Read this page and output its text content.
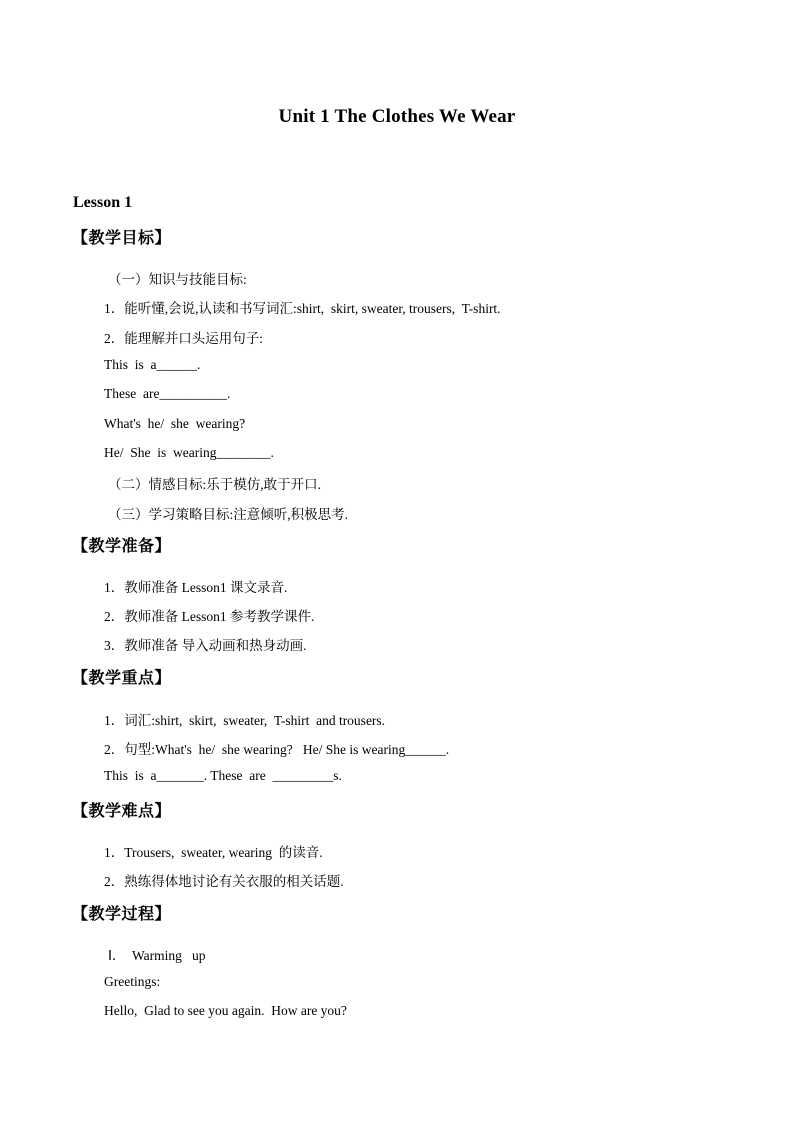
Unit 1 The Clothes We Wear
Lesson 1
【教学目标】
（一）知识与技能目标:
1．能听懂,会说,认读和书写词汇:shirt,  skirt, sweater, trousers,  T-shirt.
2．能理解并口头运用句子:
This  is  a______.
These  are__________.
What's  he/  she  wearing?
He/  She  is  wearing________.
（二）情感目标:乐于模仿,敢于开口.
（三）学习策略目标:注意倾听,积极思考.
【教学准备】
1．教师准备 Lesson1 课文录音.
2．教师准备 Lesson1 参考教学课件.
3．教师准备 导入动画和热身动画.
【教学重点】
1．词汇:shirt,  skirt,  sweater,  T-shirt  and trousers.
2．句型:What's  he/  she wearing?   He/ She is wearing______.
This  is  a_______. These  are  _________s.
【教学难点】
1．Trousers,  sweater, wearing  的读音.
2．熟练得体地讨论有关衣服的相关话题.
【教学过程】
Ⅰ．  Warming   up
Greetings:
Hello,  Glad to see you again.  How are you?
